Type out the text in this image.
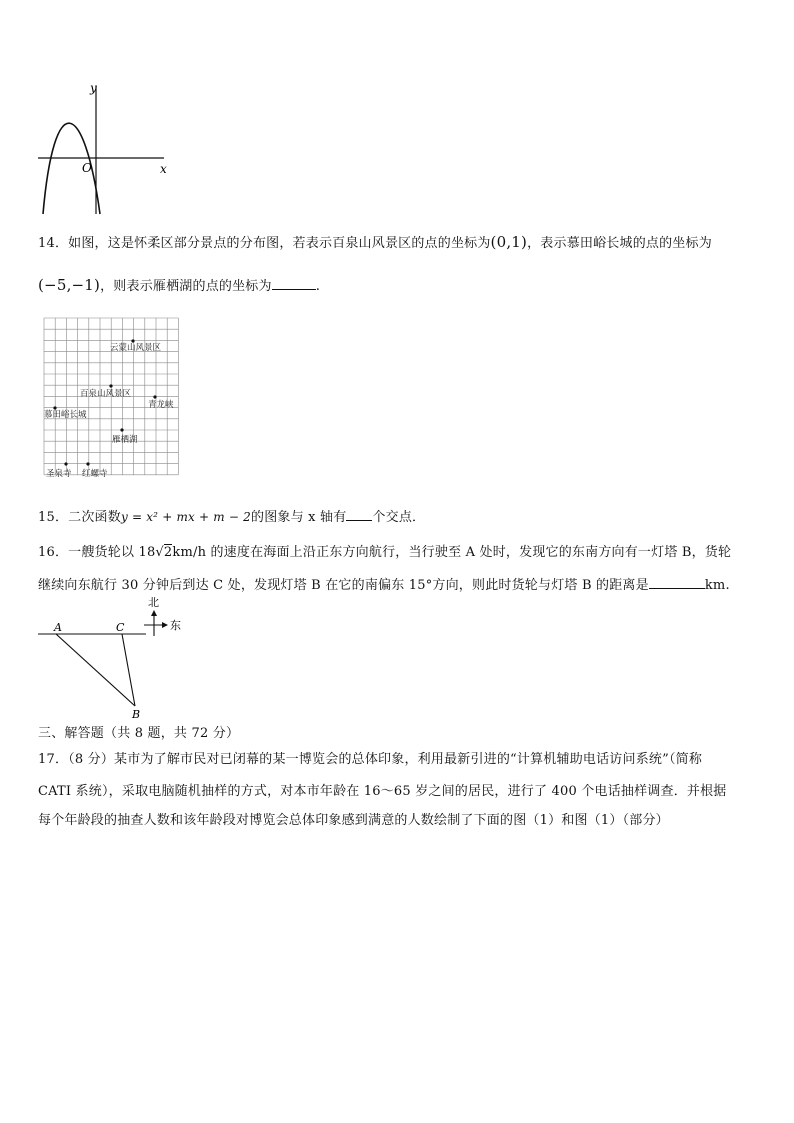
y
x
O
14．如图，这是怀柔区部分景点的分布图，若表示百泉山风景区的点的坐标为(0,1)，表示慕田峪长城的点的坐标为
(−5,−1)，则表示雁栖湖的点的坐标为	.
云蒙山风景区
百泉山风景区
青龙峡
慕田峪长城
雁栖湖
圣泉寺 红螺寺
15．二次函数y = x² + mx + m − 2的图象与 x 轴有 个交点．
16．一艘货轮以 18√2km/h 的速度在海面上沿正东方向航行，当行驶至 A 处时，发现它的东南方向有一灯塔 B，货轮
继续向东航行 30 分钟后到达 C 处，发现灯塔 B 在它的南偏东 15°方向，则此时货轮与灯塔 B 的距离是	km.
北
东
A	C
B
三、解答题（共 8 题，共 72 分）
17．（8 分）某市为了解市民对已闭幕的某一博览会的总体印象，利用最新引进的“计算机辅助电话访问系统”（简称
CATI 系统），采取电脑随机抽样的方式，对本市年龄在 16～65 岁之间的居民，进行了 400 个电话抽样调查．并根据
每个年龄段的抽查人数和该年龄段对博览会总体印象感到满意的人数绘制了下面的图（1）和图（1）（部分）
